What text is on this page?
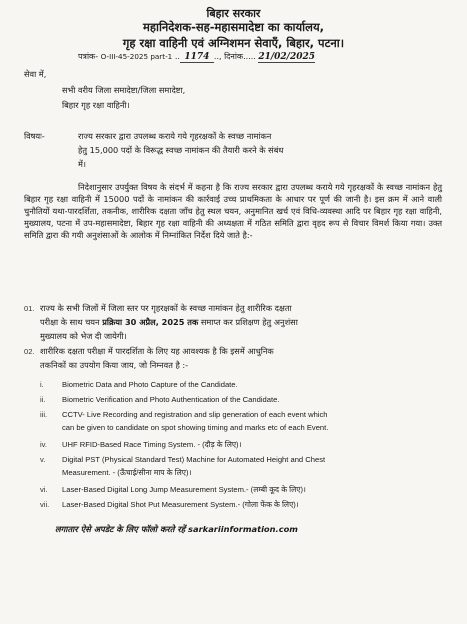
बिहार सरकार
महानिदेशक-सह-महासमादेष्टा का कार्यालय,
गृह रक्षा वाहिनी एवं अग्निशमन सेवाएँ, बिहार, पटना।
पत्रांक- O-III-45-2025 part-1 .. 1174 .., दिनांक..... 21/02/2025
सेवा में,
सभी वरीय जिला समादेष्टा/जिला समादेष्टा,
बिहार गृह रक्षा वाहिनी।
विषयः-	राज्य सरकार द्वारा उपलब्ध कराये गये गृहरक्षकों के स्वच्छ नामांकन
हेतु 15,000 पदों के विरूद्ध स्वच्छ नामांकन की तैयारी करने के संबंध
में।
निदेशानुसार उपर्युक्त विषय के संदर्भ में कहना है कि राज्य सरकार द्वारा उपलब्ध कराये गये गृहरक्षकों के स्वच्छ नामांकन हेतु बिहार गृह रक्षा वाहिनी में 15000 पदों के नामांकन की कार्रवाई उच्च प्राथमिकता के आधार पर पूर्ण की जानी है। इस क्रम में आने वाली चुनौतियों यथा-पारदर्शिता, तकनीक, शारीरिक दक्षता जाँच हेतु स्थल चयन, अनुमानित खर्च एवं विधि-व्यवस्था आदि पर बिहार गृह रक्षा वाहिनी, मुख्यालय, पटना में उप-महासमादेष्टा, बिहार गृह रक्षा वाहिनी की अध्यक्षता में गठित समिति द्वारा वृहद रूप से विचार विमर्श किया गया। उक्त समिति द्वारा की गयी अनुशंसाओं के आलोक में निम्नांकित निर्देश दिये जाते है:-
01. राज्य के सभी जिलों में जिला स्तर पर गृहरक्षकों के स्वच्छ नामांकन हेतु शारीरिक दक्षता
परीक्षा के साथ चयन प्रक्रिया 30 अप्रैल, 2025 तक समाप्त कर प्रशिक्षण हेतु अनुशंसा
मुख्यालय को भेज दी जायेगी।
02. शारीरिक दक्षता परीक्षा में पारदर्शिता के लिए यह आवश्यक है कि इसमें आधुनिक
तकनिकों का उपयोग किया जाय, जो निम्नवत है :-
i. Biometric Data and Photo Capture of the Candidate.
ii. Biometric Verification and Photo Authentication of the Candidate.
iii. CCTV- Live Recording and registration and slip generation of each event which
can be given to candidate on spot showing timing and marks etc of each Event.
iv. UHF RFID-Based Race Timing System. - (दौड़ के लिए)।
v. Digital PST (Physical Standard Test) Machine for Automated Height and Chest
Measurement. - (ऊँचाई/सीना माप के लिए)।
vi. Laser-Based Digital Long Jump Measurement System.- (लम्बी कूद के लिए)।
vii. Laser-Based Digital Shot Put Measurement System.- (गोला फेंक के लिए)।
लगातार ऐसे अपडेट के लिए फॉलो करते रहें sarkariinformation.com
